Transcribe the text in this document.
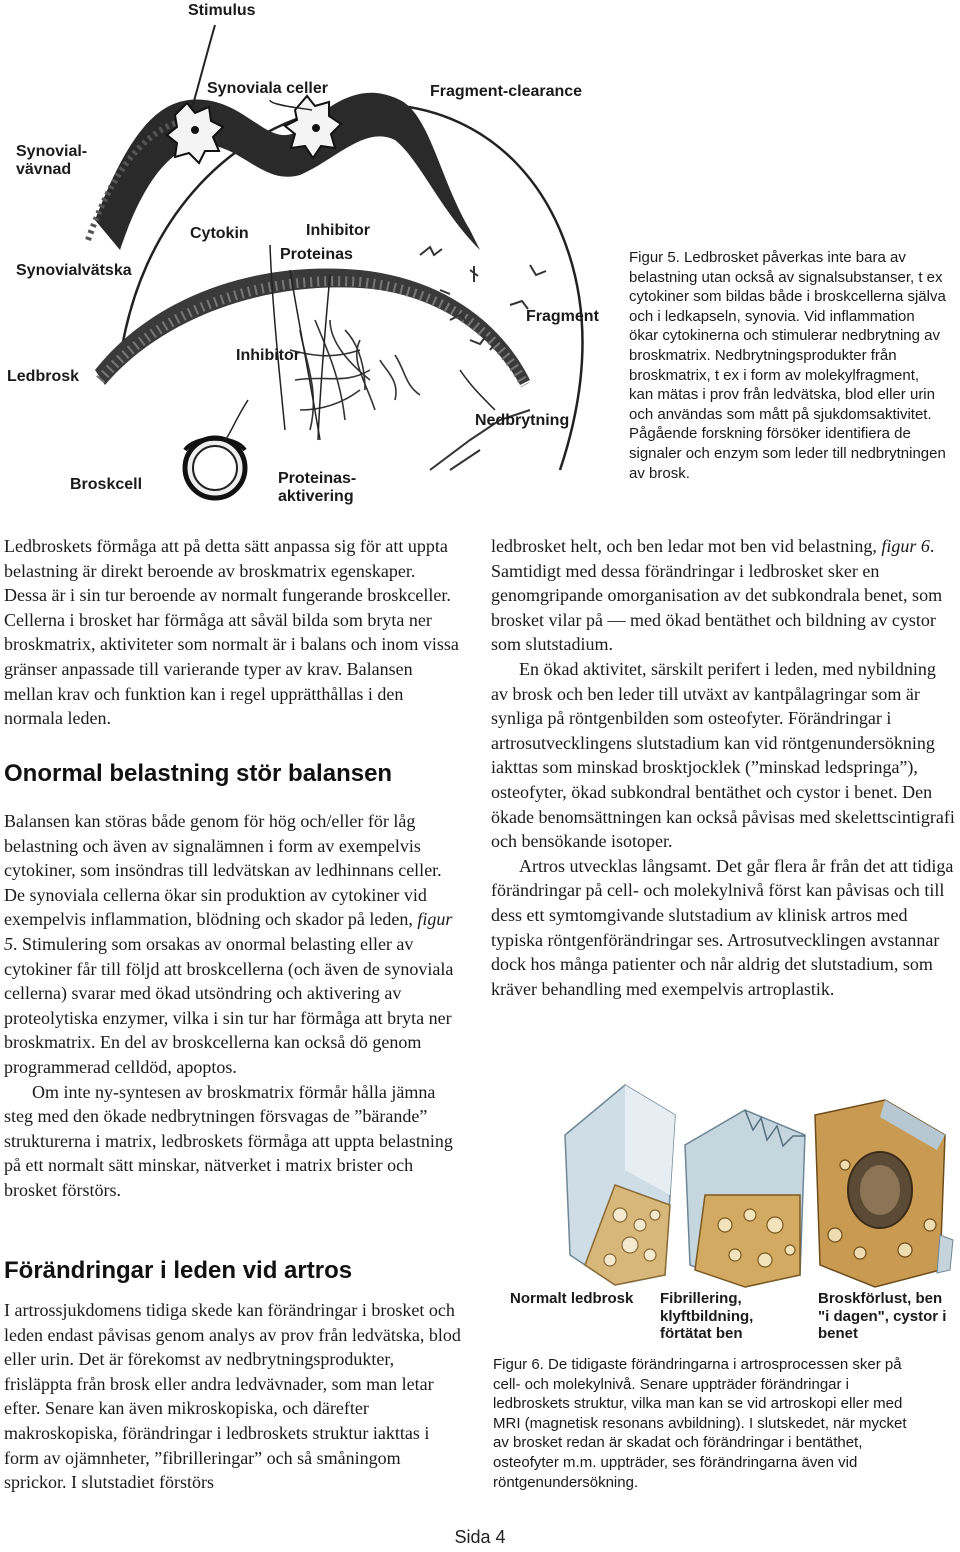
Stimulus
Synoviala celler	Fragment-clearance
Synovial-
vävnad
Cytokin	Inhibitor
Proteinas
Synovialvätska
Fragment
Inhibitor
Ledbrosk
Nedbrytning
Proteinas-
aktivering
Broskcell
Figur 5. Ledbrosket påverkas inte bara av belastning utan också av signalsubstanser, t ex cytokiner som bildas både i broskcellerna själva och i ledkapseln, synovia. Vid inflammation ökar cytokinerna och stimulerar nedbrytning av broskmatrix. Nedbrytningsprodukter från broskmatrix, t ex i form av molekylfragment, kan mätas i prov från ledvätska, blod eller urin och användas som mått på sjukdomsaktivitet. Pågående forskning försöker identifiera de signaler och enzym som leder till nedbrytningen av brosk.

Ledbroskets förmåga att på detta sätt anpassa sig för att uppta belastning är direkt beroende av broskmatrix egenskaper. Dessa är i sin tur beroende av normalt fungerande broskceller. Cellerna i brosket har förmåga att såväl bilda som bryta ner broskmatrix, aktiviteter som normalt är i balans och inom vissa gränser anpassade till varierande typer av krav. Balansen mellan krav och funktion kan i regel upprätthållas i den normala leden.

Onormal belastning stör balansen

Balansen kan störas både genom för hög och/eller för låg belastning och även av signalämnen i form av exempelvis cytokiner, som insöndras till ledvätskan av ledhinnans celler. De synoviala cellerna ökar sin produktion av cytokiner vid exempelvis inflammation, blödning och skador på leden, figur 5. Stimulering som orsakas av onormal belasting eller av cytokiner får till följd att broskcellerna (och även de synoviala cellerna) svarar med ökad utsöndring och aktivering av proteolytiska enzymer, vilka i sin tur har förmåga att bryta ner broskmatrix. En del av broskcellerna kan också dö genom programmerad celldöd, apoptos.

Om inte ny-syntesen av broskmatrix förmår hålla jämna steg med den ökade nedbrytningen försvagas de ”bärande” strukturerna i matrix, ledbroskets förmåga att uppta belastning på ett normalt sätt minskar, nätverket i matrix brister och brosket förstörs.

Förändringar i leden vid artros

I artrossjukdomens tidiga skede kan förändringar i brosket och leden endast påvisas genom analys av prov från ledvätska, blod eller urin. Det är förekomst av nedbrytningsprodukter, frisläppta från brosk eller andra ledvävnader, som man letar efter. Senare kan även mikroskopiska, och därefter makroskopiska, förändringar i ledbroskets struktur iakttas i form av ojämnheter, ”fibrilleringar” och så småningom sprickor. I slutstadiet förstörs

ledbrosket helt, och ben ledar mot ben vid belastning, figur 6. Samtidigt med dessa förändringar i ledbrosket sker en genomgripande omorganisation av det subkondrala benet, som brosket vilar på — med ökad bentäthet och bildning av cystor som slutstadium.

En ökad aktivitet, särskilt perifert i leden, med nybildning av brosk och ben leder till utväxt av kantpålagringar som är synliga på röntgenbilden som osteofyter. Förändringar i artrosutvecklingens slutstadium kan vid röntgenundersökning iakttas som minskad brosktjocklek (”minskad ledspringa”), osteofyter, ökad subkondral bentäthet och cystor i benet. Den ökade benomsättningen kan också påvisas med skelettscintigrafi och bensökande isotoper.

Artros utvecklas långsamt. Det går flera år från det att tidiga förändringar på cell- och molekylnivå först kan påvisas och till dess ett symtomgivande slutstadium av klinisk artros med typiska röntgenförändringar ses. Artrosutvecklingen avstannar dock hos många patienter och når aldrig det slutstadium, som kräver behandling med exempelvis artroplastik.

Normalt ledbrosk	Fibrillering, klyftbildning, förtätat ben
Broskförlust, ben "i dagen", cystor i benet
Figur 6. De tidigaste förändringarna i artrosprocessen sker på cell- och molekylnivå. Senare uppträder förändringar i ledbroskets struktur, vilka man kan se vid artroskopi eller med MRI (magnetisk resonans avbildning). I slutskedet, när mycket av brosket redan är skadat och förändringar i bentäthet, osteofyter m.m. uppträder, ses förändringarna även vid röntgenundersökning.
Sida 4
